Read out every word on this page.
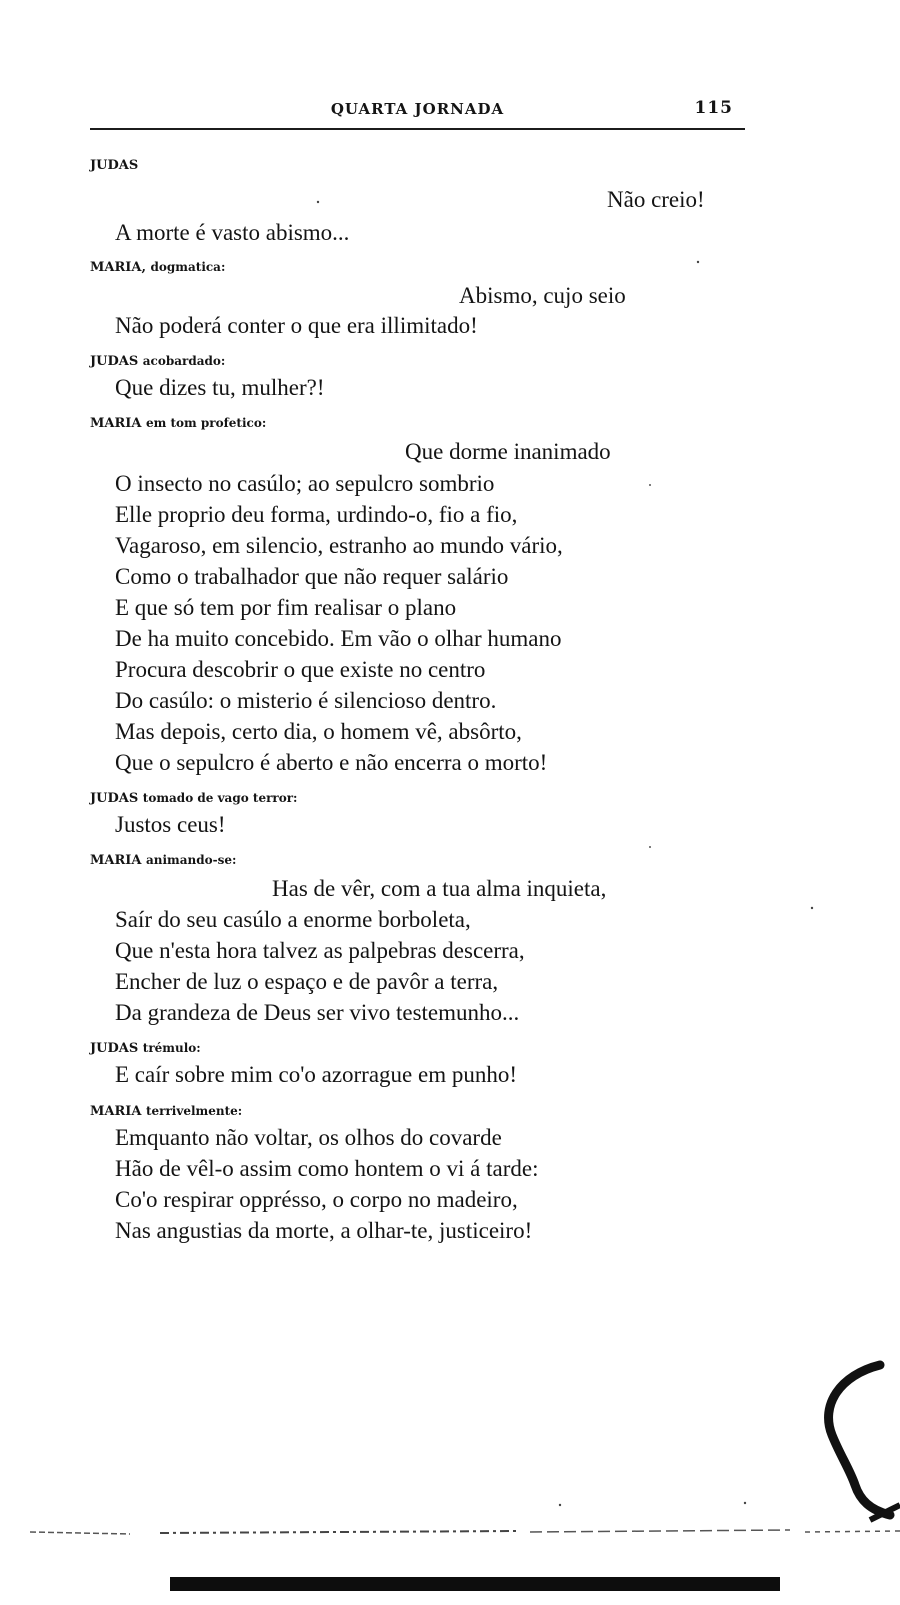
QUARTA JORNADA	115
JUDAS
Não creio!
A morte é vasto abismo...
MARIA, dogmatica:
Abismo, cujo seio
Não poderá conter o que era illimitado!
JUDAS acobardado:
Que dizes tu, mulher?!
MARIA em tom profetico:
Que dorme inanimado
O insecto no casúlo; ao sepulcro sombrio
Elle proprio deu forma, urdindo-o, fio a fio,
Vagaroso, em silencio, estranho ao mundo vário,
Como o trabalhador que não requer salário
E que só tem por fim realisar o plano
De ha muito concebido. Em vão o olhar humano
Procura descobrir o que existe no centro
Do casúlo: o misterio é silencioso dentro.
Mas depois, certo dia, o homem vê, absôrto,
Que o sepulcro é aberto e não encerra o morto!
JUDAS tomado de vago terror:
Justos ceus!
MARIA animando-se:
Has de vêr, com a tua alma inquieta,
Saír do seu casúlo a enorme borboleta,
Que n'esta hora talvez as palpebras descerra,
Encher de luz o espaço e de pavôr a terra,
Da grandeza de Deus ser vivo testemunho...
JUDAS trémulo:
E caír sobre mim co'o azorrague em punho!
MARIA terrivelmente:
Emquanto não voltar, os olhos do covarde
Hão de vêl-o assim como hontem o vi á tarde:
Co'o respirar opprésso, o corpo no madeiro,
Nas angustias da morte, a olhar-te, justiceiro!
